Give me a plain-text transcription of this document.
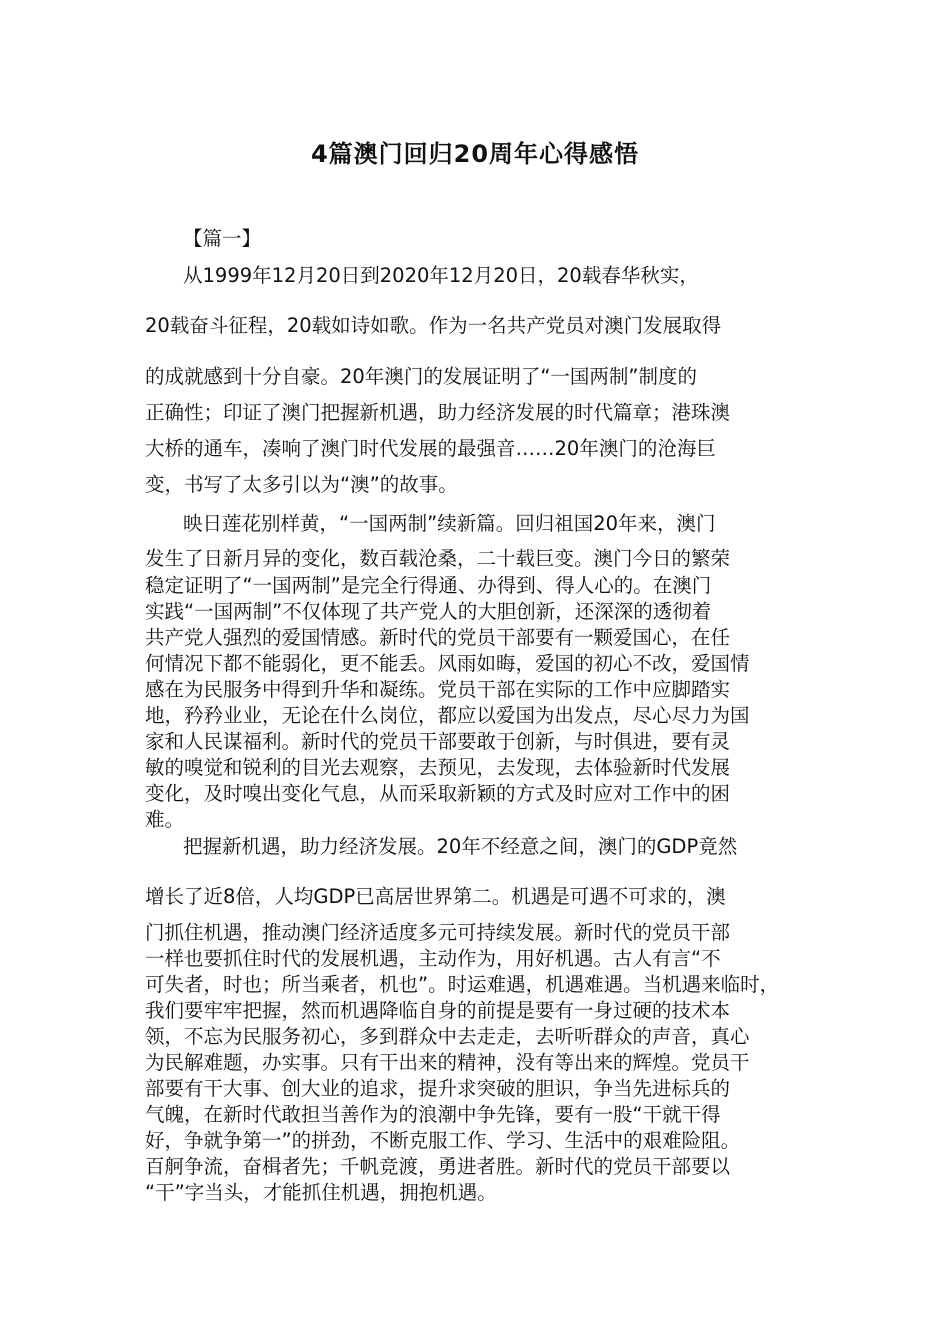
4篇澳门回归20周年心得感悟

【篇一】

从1999年12月20日到2020年12月20日，20载春华秋实，

20载奋斗征程，20载如诗如歌。作为一名共产党员对澳门发展取得

的成就感到十分自豪。20年澳门的发展证明了“一国两制”制度的

正确性；印证了澳门把握新机遇，助力经济发展的时代篇章；港珠澳

大桥的通车，凑响了澳门时代发展的最强音……20年澳门的沧海巨

变，书写了太多引以为“澳”的故事。

映日莲花别样黄，“一国两制”续新篇。回归祖国20年来，澳门

发生了日新月异的变化，数百载沧桑，二十载巨变。澳门今日的繁荣

稳定证明了“一国两制”是完全行得通、办得到、得人心的。在澳门

实践“一国两制”不仅体现了共产党人的大胆创新，还深深的透彻着

共产党人强烈的爱国情感。新时代的党员干部要有一颗爱国心，在任

何情况下都不能弱化，更不能丢。风雨如晦，爱国的初心不改，爱国情

感在为民服务中得到升华和凝练。党员干部在实际的工作中应脚踏实

地，矜矜业业，无论在什么岗位，都应以爱国为出发点，尽心尽力为国

家和人民谋福利。新时代的党员干部要敢于创新，与时俱进，要有灵

敏的嗅觉和锐利的目光去观察，去预见，去发现，去体验新时代发展

变化，及时嗅出变化气息，从而采取新颖的方式及时应对工作中的困

难。

把握新机遇，助力经济发展。20年不经意之间，澳门的GDP竟然

增长了近8倍，人均GDP已高居世界第二。机遇是可遇不可求的，澳

门抓住机遇，推动澳门经济适度多元可持续发展。新时代的党员干部

一样也要抓住时代的发展机遇，主动作为，用好机遇。古人有言“不

可失者，时也；所当乘者，机也”。时运难遇，机遇难遇。当机遇来临时，

我们要牢牢把握，然而机遇降临自身的前提是要有一身过硬的技术本

领，不忘为民服务初心，多到群众中去走走，去听听群众的声音，真心

为民解难题，办实事。只有干出来的精神，没有等出来的辉煌。党员干

部要有干大事、创大业的追求，提升求突破的胆识，争当先进标兵的

气魄，在新时代敢担当善作为的浪潮中争先锋，要有一股“干就干得

好，争就争第一”的拼劲，不断克服工作、学习、生活中的艰难险阻。

百舸争流，奋楫者先；千帆竞渡，勇进者胜。新时代的党员干部要以

“干”字当头，才能抓住机遇，拥抱机遇。
